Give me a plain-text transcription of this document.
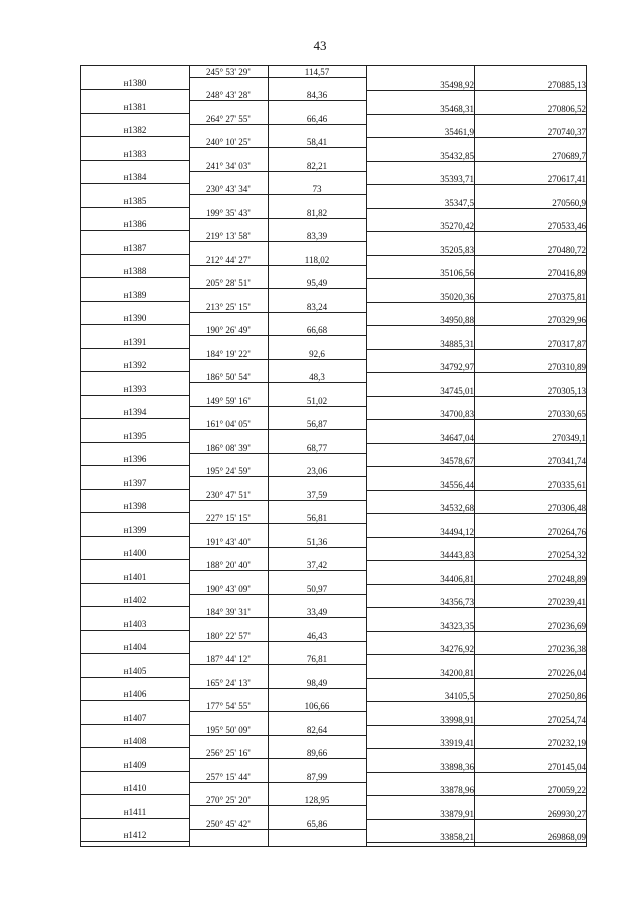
43
245° 53' 29"	114,57
н1380	35498,92	270885,13
248° 43' 28"	84,36
н1381	35468,31	270806,52
264° 27' 55"	66,46
н1382	35461,9	270740,37
240° 10' 25"	58,41
н1383	35432,85	270689,7
241° 34' 03"	82,21
н1384	35393,71	270617,41
230° 43' 34"	73
н1385	35347,5	270560,9
199° 35' 43"	81,82
н1386	35270,42	270533,46
219° 13' 58"	83,39
н1387	35205,83	270480,72
212° 44' 27"	118,02
н1388	35106,56	270416,89
205° 28' 51"	95,49
н1389	35020,36	270375,81
213° 25' 15"	83,24
н1390	34950,88	270329,96
190° 26' 49"	66,68
н1391	34885,31	270317,87
184° 19' 22"	92,6
н1392	34792,97	270310,89
186° 50' 54"	48,3
н1393	34745,01	270305,13
149° 59' 16"	51,02
н1394	34700,83	270330,65
161° 04' 05"	56,87
н1395	34647,04	270349,1
186° 08' 39"	68,77
н1396	34578,67	270341,74
195° 24' 59"	23,06
н1397	34556,44	270335,61
230° 47' 51"	37,59
н1398	34532,68	270306,48
227° 15' 15"	56,81
н1399	34494,12	270264,76
191° 43' 40"	51,36
н1400	34443,83	270254,32
188° 20' 40"	37,42
н1401	34406,81	270248,89
190° 43' 09"	50,97
н1402	34356,73	270239,41
184° 39' 31"	33,49
н1403	34323,35	270236,69
180° 22' 57"	46,43
н1404	34276,92	270236,38
187° 44' 12"	76,81
н1405	34200,81	270226,04
165° 24' 13"	98,49
н1406	34105,5	270250,86
177° 54' 55"	106,66
н1407	33998,91	270254,74
195° 50' 09"	82,64
н1408	33919,41	270232,19
256° 25' 16"	89,66
н1409	33898,36	270145,04
257° 15' 44"	87,99
н1410	33878,96	270059,22
270° 25' 20"	128,95
н1411	33879,91	269930,27
250° 45' 42"	65,86
н1412	33858,21	269868,09
